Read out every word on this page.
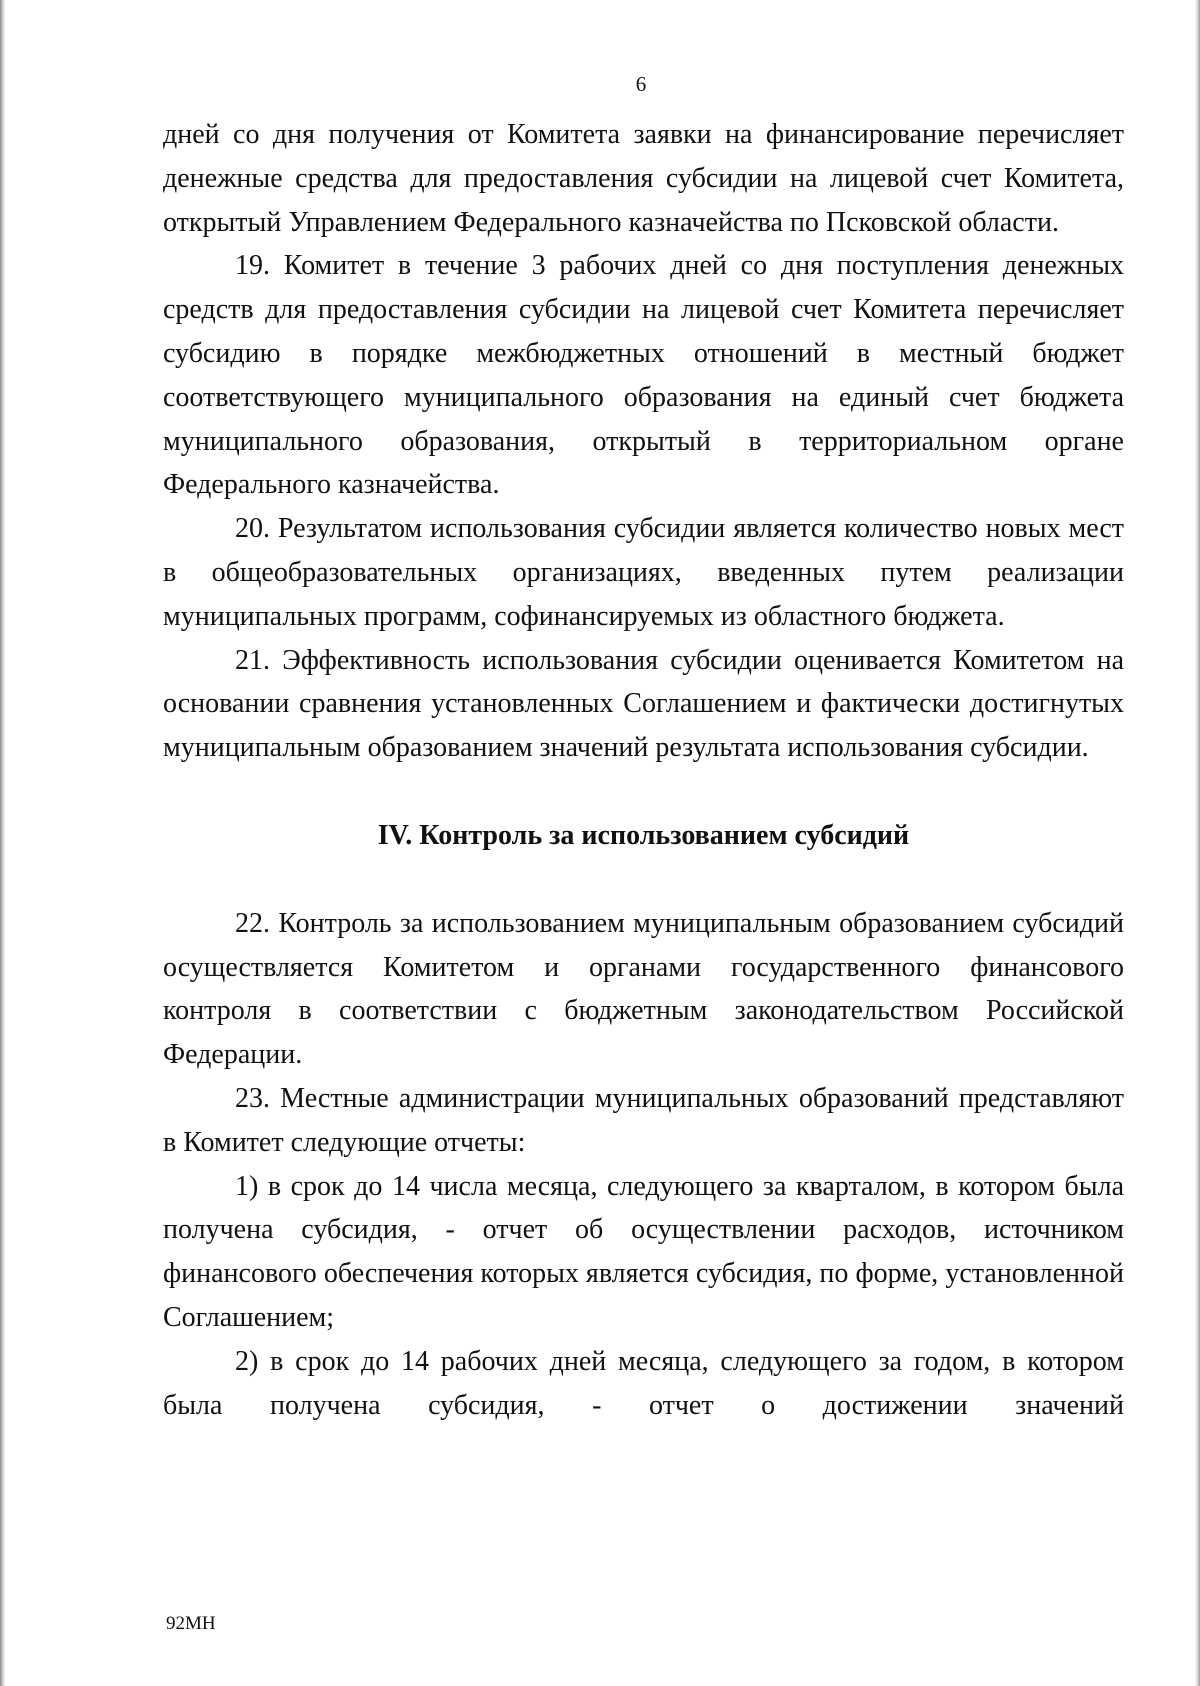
6

дней со дня получения от Комитета заявки на финансирование перечисляет денежные средства для предоставления субсидии на лицевой счет Комитета, открытый Управлением Федерального казначейства по Псковской области.

19. Комитет в течение 3 рабочих дней со дня поступления денежных средств для предоставления субсидии на лицевой счет Комитета перечисляет субсидию в порядке межбюджетных отношений в местный бюджет соответствующего муниципального образования на единый счет бюджета муниципального образования, открытый в территориальном органе Федерального казначейства.

20. Результатом использования субсидии является количество новых мест в общеобразовательных организациях, введенных путем реализации муниципальных программ, софинансируемых из областного бюджета.

21. Эффективность использования субсидии оценивается Комитетом на основании сравнения установленных Соглашением и фактически достигнутых муниципальным образованием значений результата использования субсидии.

IV. Контроль за использованием субсидий

22. Контроль за использованием муниципальным образованием субсидий осуществляется Комитетом и органами государственного финансового контроля в соответствии с бюджетным законодательством Российской Федерации.

23. Местные администрации муниципальных образований представляют в Комитет следующие отчеты:

1) в срок до 14 числа месяца, следующего за кварталом, в котором была получена субсидия, - отчет об осуществлении расходов, источником финансового обеспечения которых является субсидия, по форме, установленной Соглашением;

2) в срок до 14 рабочих дней месяца, следующего за годом, в котором была получена субсидия, - отчет о достижении значений

92МН
